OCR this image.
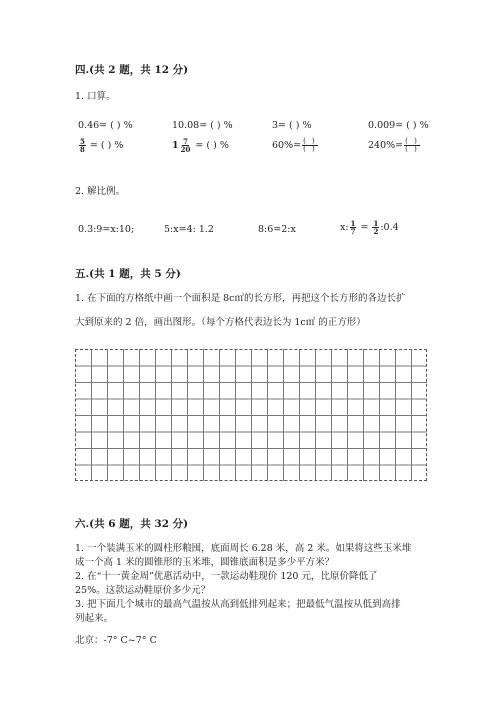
四.(共 2 题，共 12 分)
1. 口算。
0.46= ( ) %	10.08= ( ) %	3= ( ) %	0.009= ( ) %
$\frac{5}{8}$ = ( ) %	$1 \frac{7}{20}$ = ( ) %	$60\%= \frac{( )}{( )}$	$240\%= \frac{( )}{( )}$
2. 解比例。
0.3:9=x:10;	5:x=4: 1.2	8:6=2:x	x: $\frac{1}{7} = \frac{1}{2}$ :0.4
五.(共 1 题，共 5 分)
1. 在下面的方格纸中画一个面积是 8c㎡的长方形，再把这个长方形的各边长扩
大到原来的 2 倍，画出图形。（每个方格代表边长为 1c㎡ 的正方形）
六.(共 6 题，共 32 分)
1. 一个装满玉米的圆柱形粮囤，底面周长 6.28 米，高 2 米。如果将这些玉米堆
成一个高 1 米的圆锥形的玉米堆，圆锥底面积是多少平方米？
2. 在“十一黄金周”优惠活动中，一款运动鞋现价 120 元，比原价降低了
25%。这款运动鞋原价多少元？
3. 把下面几个城市的最高气温按从高到低排列起来；把最低气温按从低到高排
列起来。
北京：-7° C~7° C
